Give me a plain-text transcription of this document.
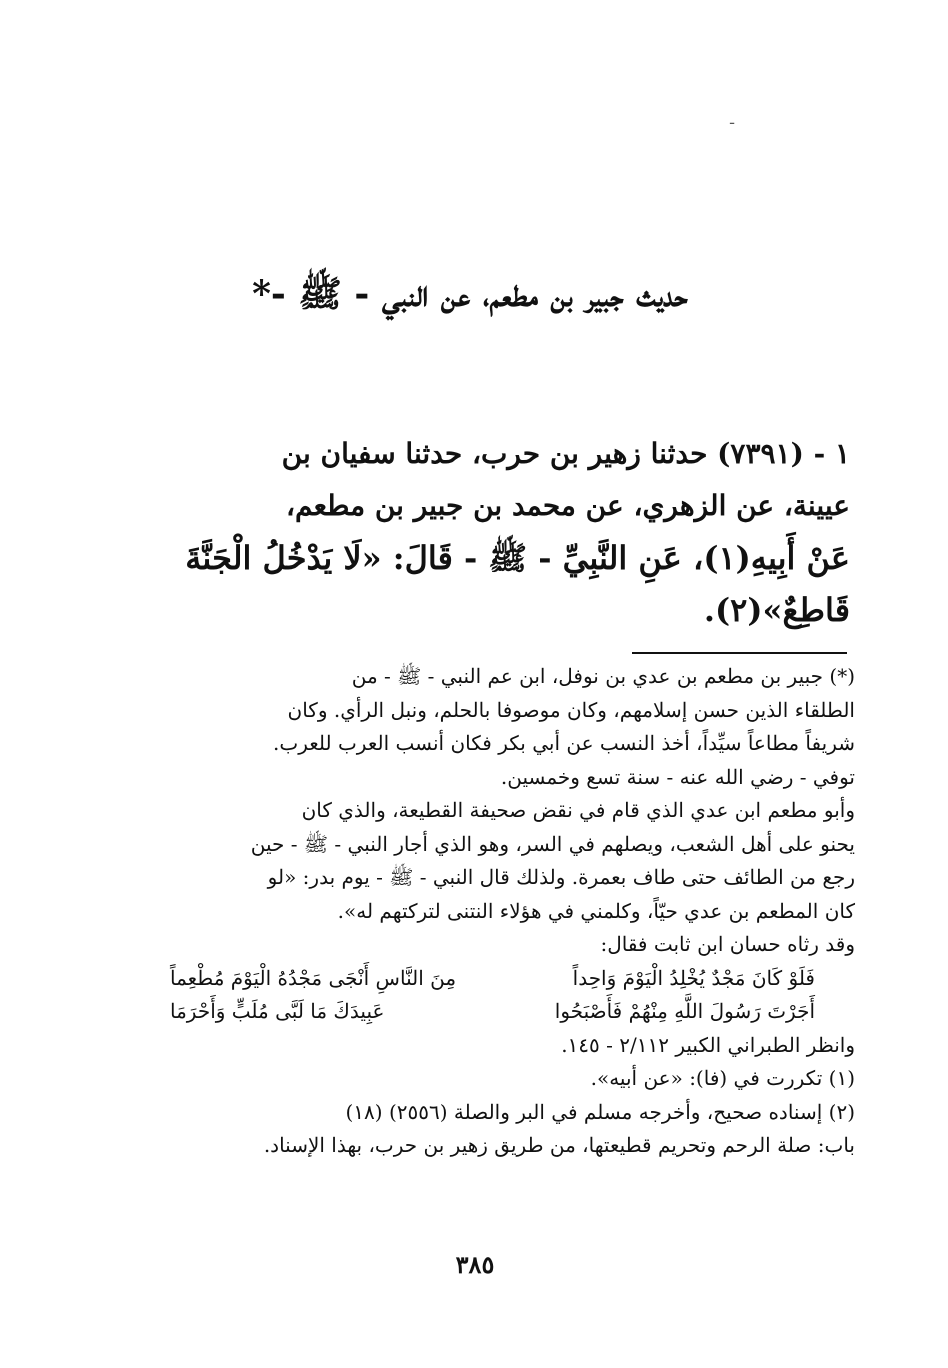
ـ
حديث جبير بن مطعم، عن النبي - ﷺ -*
١ - (٧٣٩١) حدثنا زهير بن حرب، حدثنا سفيان بن
عيينة، عن الزهري، عن محمد بن جبير بن مطعم،
عَنْ أَبِيهِ(١)، عَنِ النَّبِيِّ - ﷺ - قَالَ: «لَا يَدْخُلُ الْجَنَّةَ
قَاطِعٌ»(٢).
(*) جبير بن مطعم بن عدي بن نوفل، ابن عم النبي - ﷺ - من
الطلقاء الذين حسن إسلامهم، وكان موصوفا بالحلم، ونبل الرأي. وكان
شريفاً مطاعاً سيِّداً، أخذ النسب عن أبي بكر فكان أنسب العرب للعرب.
توفي - رضي الله عنه - سنة تسع وخمسين.
وأبو مطعم ابن عدي الذي قام في نقض صحيفة القطيعة، والذي كان
يحنو على أهل الشعب، ويصلهم في السر، وهو الذي أجار النبي - ﷺ - حين
رجع من الطائف حتى طاف بعمرة. ولذلك قال النبي - ﷺ - يوم بدر: «لو
كان المطعم بن عدي حيّاً، وكلمني في هؤلاء النتنى لتركتهم له».
وقد رثاه حسان ابن ثابت فقال:
فَلَوْ كَانَ مَجْدٌ يُخْلِدُ الْيَوْمَ وَاحِداً
مِنَ النَّاسِ أَنْجَى مَجْدُهُ الْيَوْمَ مُطْعِماً
أَجَرْتَ رَسُولَ اللَّهِ مِنْهُمْ فَأَصْبَحُوا
عَبِيدَكَ مَا لَبَّى مُلَبٍّ وَأَحْرَمَا
وانظر الطبراني الكبير ٢/١١٢ - ١٤٥.
(١) تكررت في (فا): «عن أبيه».
(٢) إسناده صحيح، وأخرجه مسلم في البر والصلة (٢٥٥٦) (١٨)
باب: صلة الرحم وتحريم قطيعتها، من طريق زهير بن حرب، بهذا الإسناد.
٣٨٥
